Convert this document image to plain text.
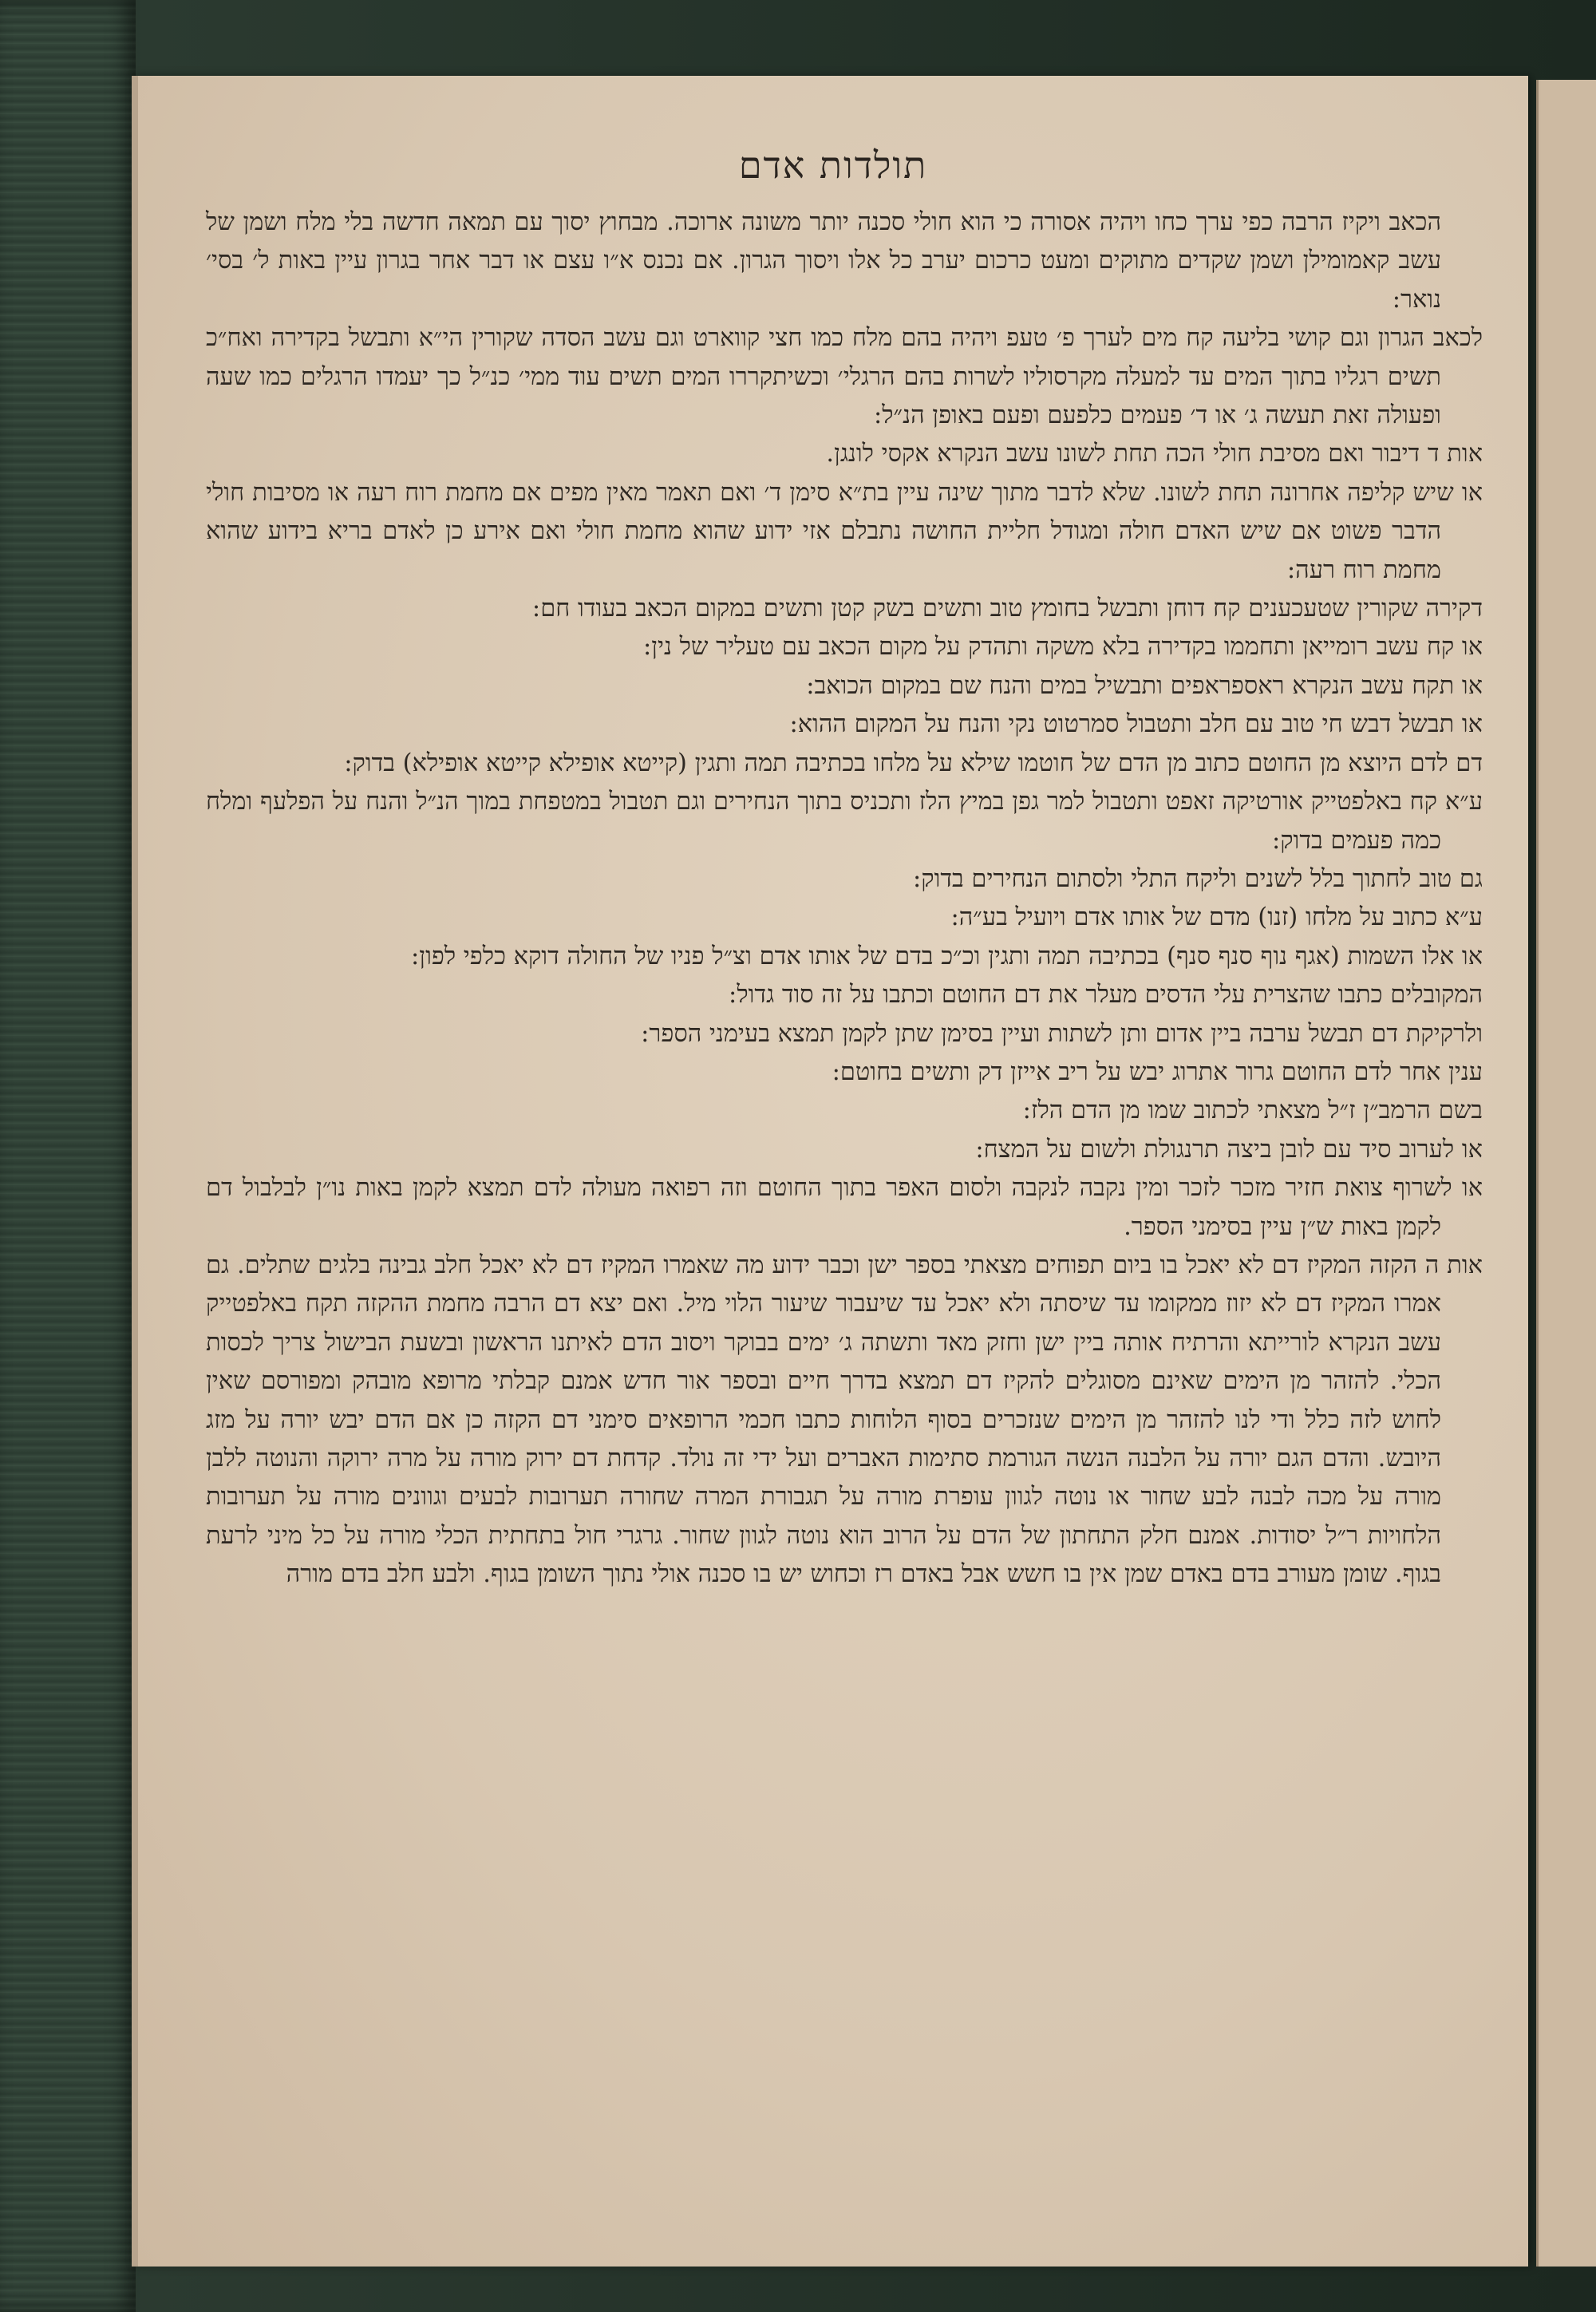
תולדות אדם

הכאב ויקיז הרבה כפי ערך כחו ויהיה אסורה כי הוא חולי סכנה יותר משונה ארוכה. מבחוץ יסוך עם תמאה חדשה בלי מלח ושמן של עשב קאמומילן ושמן שקדים מתוקים ומעט כרכום יערב כל אלו ויסוך הגרון. אם נכנס א״ו עצם או דבר אחר בגרון עיין באות ל׳ בסי׳ נואר:

לכאב הגרון וגם קושי בליעה קח מים לערך פ׳ טעפ ויהיה בהם מלח כמו חצי קווארט וגם עשב הסדה שקורין הי״א ותבשל בקדירה ואח״כ תשים רגליו בתוך המים עד למעלה מקרסוליו לשרות בהם הרגלי׳ וכשיתקררו המים תשים עוד ממי׳ כנ״ל כך יעמדו הרגלים כמו שעה ופעולה זאת תעשה ג׳ או ד׳ פעמים כלפעם ופעם באופן הנ״ל:

אות ד דיבור ואם מסיבת חולי הכה תחת לשונו עשב הנקרא אקסי לונגן.

או שיש קליפה אחרונה תחת לשונו. שלא לדבר מתוך שינה עיין בת״א סימן ד׳ ואם תאמר מאין מפים אם מחמת רוח רעה או מסיבות חולי הדבר פשוט אם שיש האדם חולה ומגודל חליית החושה נתבלם אזי ידוע שהוא מחמת חולי ואם אירע כן לאדם בריא בידוע שהוא מחמת רוח רעה:

דקירה שקורין שטעכענים קח דוחן ותבשל בחומץ טוב ותשים בשק קטן ותשים במקום הכאב בעודו חם:

או קח עשב רומייאן ותחממו בקדירה בלא משקה ותהדק על מקום הכאב עם טעליר של נין:

או תקח עשב הנקרא ראספראפים ותבשיל במים והנח שם במקום הכואב:

או תבשל דבש חי טוב עם חלב ותטבול סמרטוט נקי והנח על המקום ההוא:

דם לדם היוצא מן החוטם כתוב מן הדם של חוטמו שילא על מלחו בכתיבה תמה ותגין (קייטא אופילא קייטא אופילא) בדוק:

ע״א קח באלפטייק אורטיקה זאפט ותטבול למר גפן במיץ הלז ותכניס בתוך הנחירים וגם תטבול במטפחת במוך הנ״ל והנח על הפלעף ומלח כמה פעמים בדוק:

גם טוב לחתוך בלל לשנים וליקח התלי ולסתום הנחירים בדוק:

ע״א כתוב על מלחו (זנו) מדם של אותו אדם ויועיל בע״ה:

או אלו השמות (אגף נוף סנף סנף) בכתיבה תמה ותגין וכ״כ בדם של אותו אדם וצ״ל פניו של החולה דוקא כלפי לפון:

המקובלים כתבו שהצרית עלי הדסים מעלר את דם החוטם וכתבו על זה סוד גדול:

ולרקיקת דם תבשל ערבה ביין אדום ותן לשתות ועיין בסימן שתן לקמן תמצא בעימני הספר:

ענין אחר לדם החוטם גרור אתרוג יבש על ריב אייזן דק ותשים בחוטם:

בשם הרמב״ן ז״ל מצאתי לכתוב שמו מן הדם הלז:

או לערוב סיד עם לובן ביצה תרנגולת ולשום על המצח:

או לשרוף צואת חזיר מזכר לזכר ומין נקבה לנקבה ולסום האפר בתוך החוטם וזה רפואה מעולה לדם תמצא לקמן באות נו״ן לבלבול דם לקמן באות ש״ן עיין בסימני הספר.

אות ה הקזה המקיז דם לא יאכל בו ביום תפוחים מצאתי בספר ישן וכבר ידוע מה שאמרו המקיז דם לא יאכל חלב גבינה בלגים שתלים. גם אמרו המקיז דם לא יזוז ממקומו עד שיסתה ולא יאכל עד שיעבור שיעור הלוי מיל. ואם יצא דם הרבה מחמת ההקזה תקח באלפטייק עשב הנקרא לורייתא והרתיח אותה ביין ישן וחזק מאד ותשתה ג׳ ימים בבוקר ויסוב הדם לאיתנו הראשון ובשעת הבישול צריך לכסות הכלי. להזהר מן הימים שאינם מסוגלים להקיז דם תמצא בדרך חיים ובספר אור חדש אמנם קבלתי מרופא מובהק ומפורסם שאין לחוש לזה כלל ודי לנו להזהר מן הימים שנזכרים בסוף הלוחות כתבו חכמי הרופאים סימני דם הקזה כן אם הדם יבש יורה על מזג היובש. והדם הגם יורה על הלבנה הנשה הגורמת סתימות האברים ועל ידי זה נולד. קדחת דם ירוק מורה על מרה ירוקה והנוטה ללבן מורה על מכה לבנה לבע שחור או נוטה לגוון עופרת מורה על תגבורת המרה שחורה תערובות לבעים וגוונים מורה על תערובות הלחויות ר״ל יסודות. אמנם חלק התחתון של הדם על הרוב הוא נוטה לגוון שחור. גרגרי חול בתחתית הכלי מורה על כל מיני לרעת בגוף. שומן מעורב בדם באדם שמן אין בו חשש אבל באדם רז וכחוש יש בו סכנה אולי נתוך השומן בגוף. ולבע חלב בדם מורה
